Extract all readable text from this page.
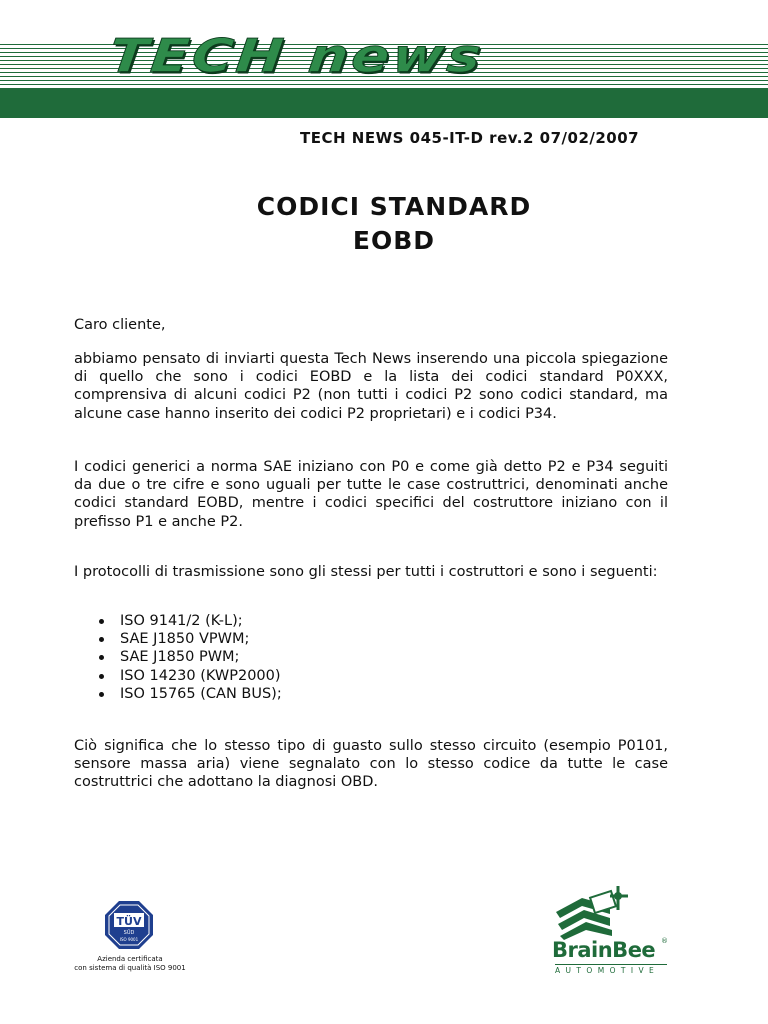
TECH news
TECH NEWS 045-IT-D rev.2 07/02/2007
CODICI STANDARD
EOBD
Caro cliente,
abbiamo pensato di inviarti questa Tech News inserendo una piccola spiegazione di quello che sono i codici EOBD e la lista dei codici standard P0XXX, comprensiva di alcuni codici P2 (non tutti i codici P2 sono codici standard, ma alcune case hanno inserito dei codici P2 proprietari) e i codici P34.
I codici generici a norma SAE iniziano con P0 e come già detto P2 e P34 seguiti da due o tre cifre e sono uguali per tutte le case costruttrici, denominati anche codici standard EOBD, mentre i codici specifici del costruttore iniziano con il prefisso P1 e anche P2.
I protocolli di trasmissione sono gli stessi per tutti i costruttori e sono i seguenti:
ISO 9141/2 (K-L);
SAE J1850 VPWM;
SAE J1850 PWM;
ISO 14230 (KWP2000)
ISO 15765 (CAN BUS);
Ciò significa che lo stesso tipo di guasto sullo stesso circuito (esempio P0101, sensore massa aria) viene segnalato con lo stesso codice da tutte le case costruttrici che adottano la diagnosi OBD.
TÜV
SÜD
ISO 9001
Azienda certificata
con sistema di qualità ISO 9001
BrainBee ®
AUTOMOTIVE
